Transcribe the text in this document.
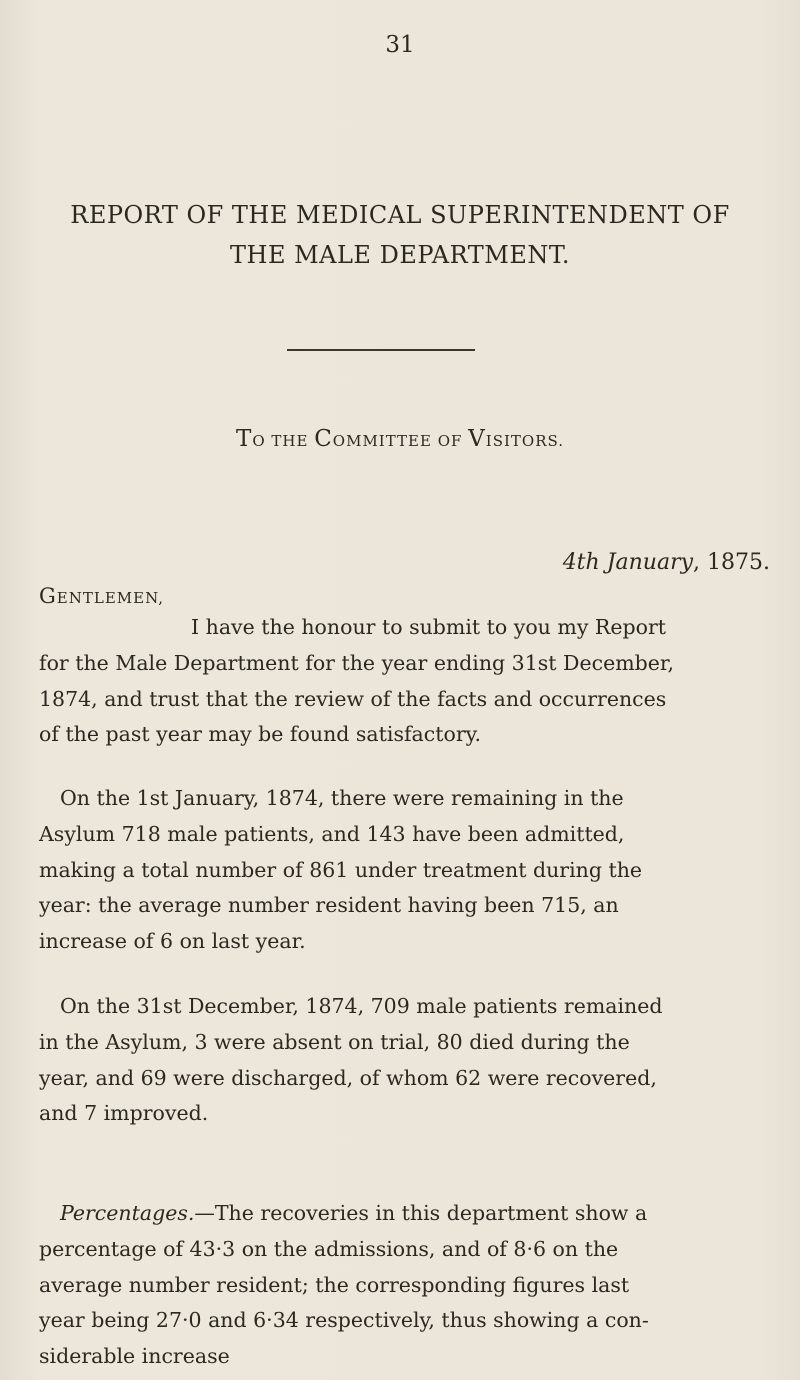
31
REPORT OF THE MEDICAL SUPERINTENDENT OF
THE MALE DEPARTMENT.
TO THE COMMITTEE OF VISITORS.
4th January, 1875.
GENTLEMEN,
I have the honour to submit to you my Report
for the Male Department for the year ending 31st December,
1874, and trust that the review of the facts and occurrences
of the past year may be found satisfactory.
On the 1st January, 1874, there were remaining in the
Asylum 718 male patients, and 143 have been admitted,
making a total number of 861 under treatment during the
year: the average number resident having been 715, an
increase of 6 on last year.
On the 31st December, 1874, 709 male patients remained
in the Asylum, 3 were absent on trial, 80 died during the
year, and 69 were discharged, of whom 62 were recovered,
and 7 improved.
Percentages.—The recoveries in this department show a
percentage of 43·3 on the admissions, and of 8·6 on the
average number resident; the corresponding figures last
year being 27·0 and 6·34 respectively, thus showing a con-
siderable increase
